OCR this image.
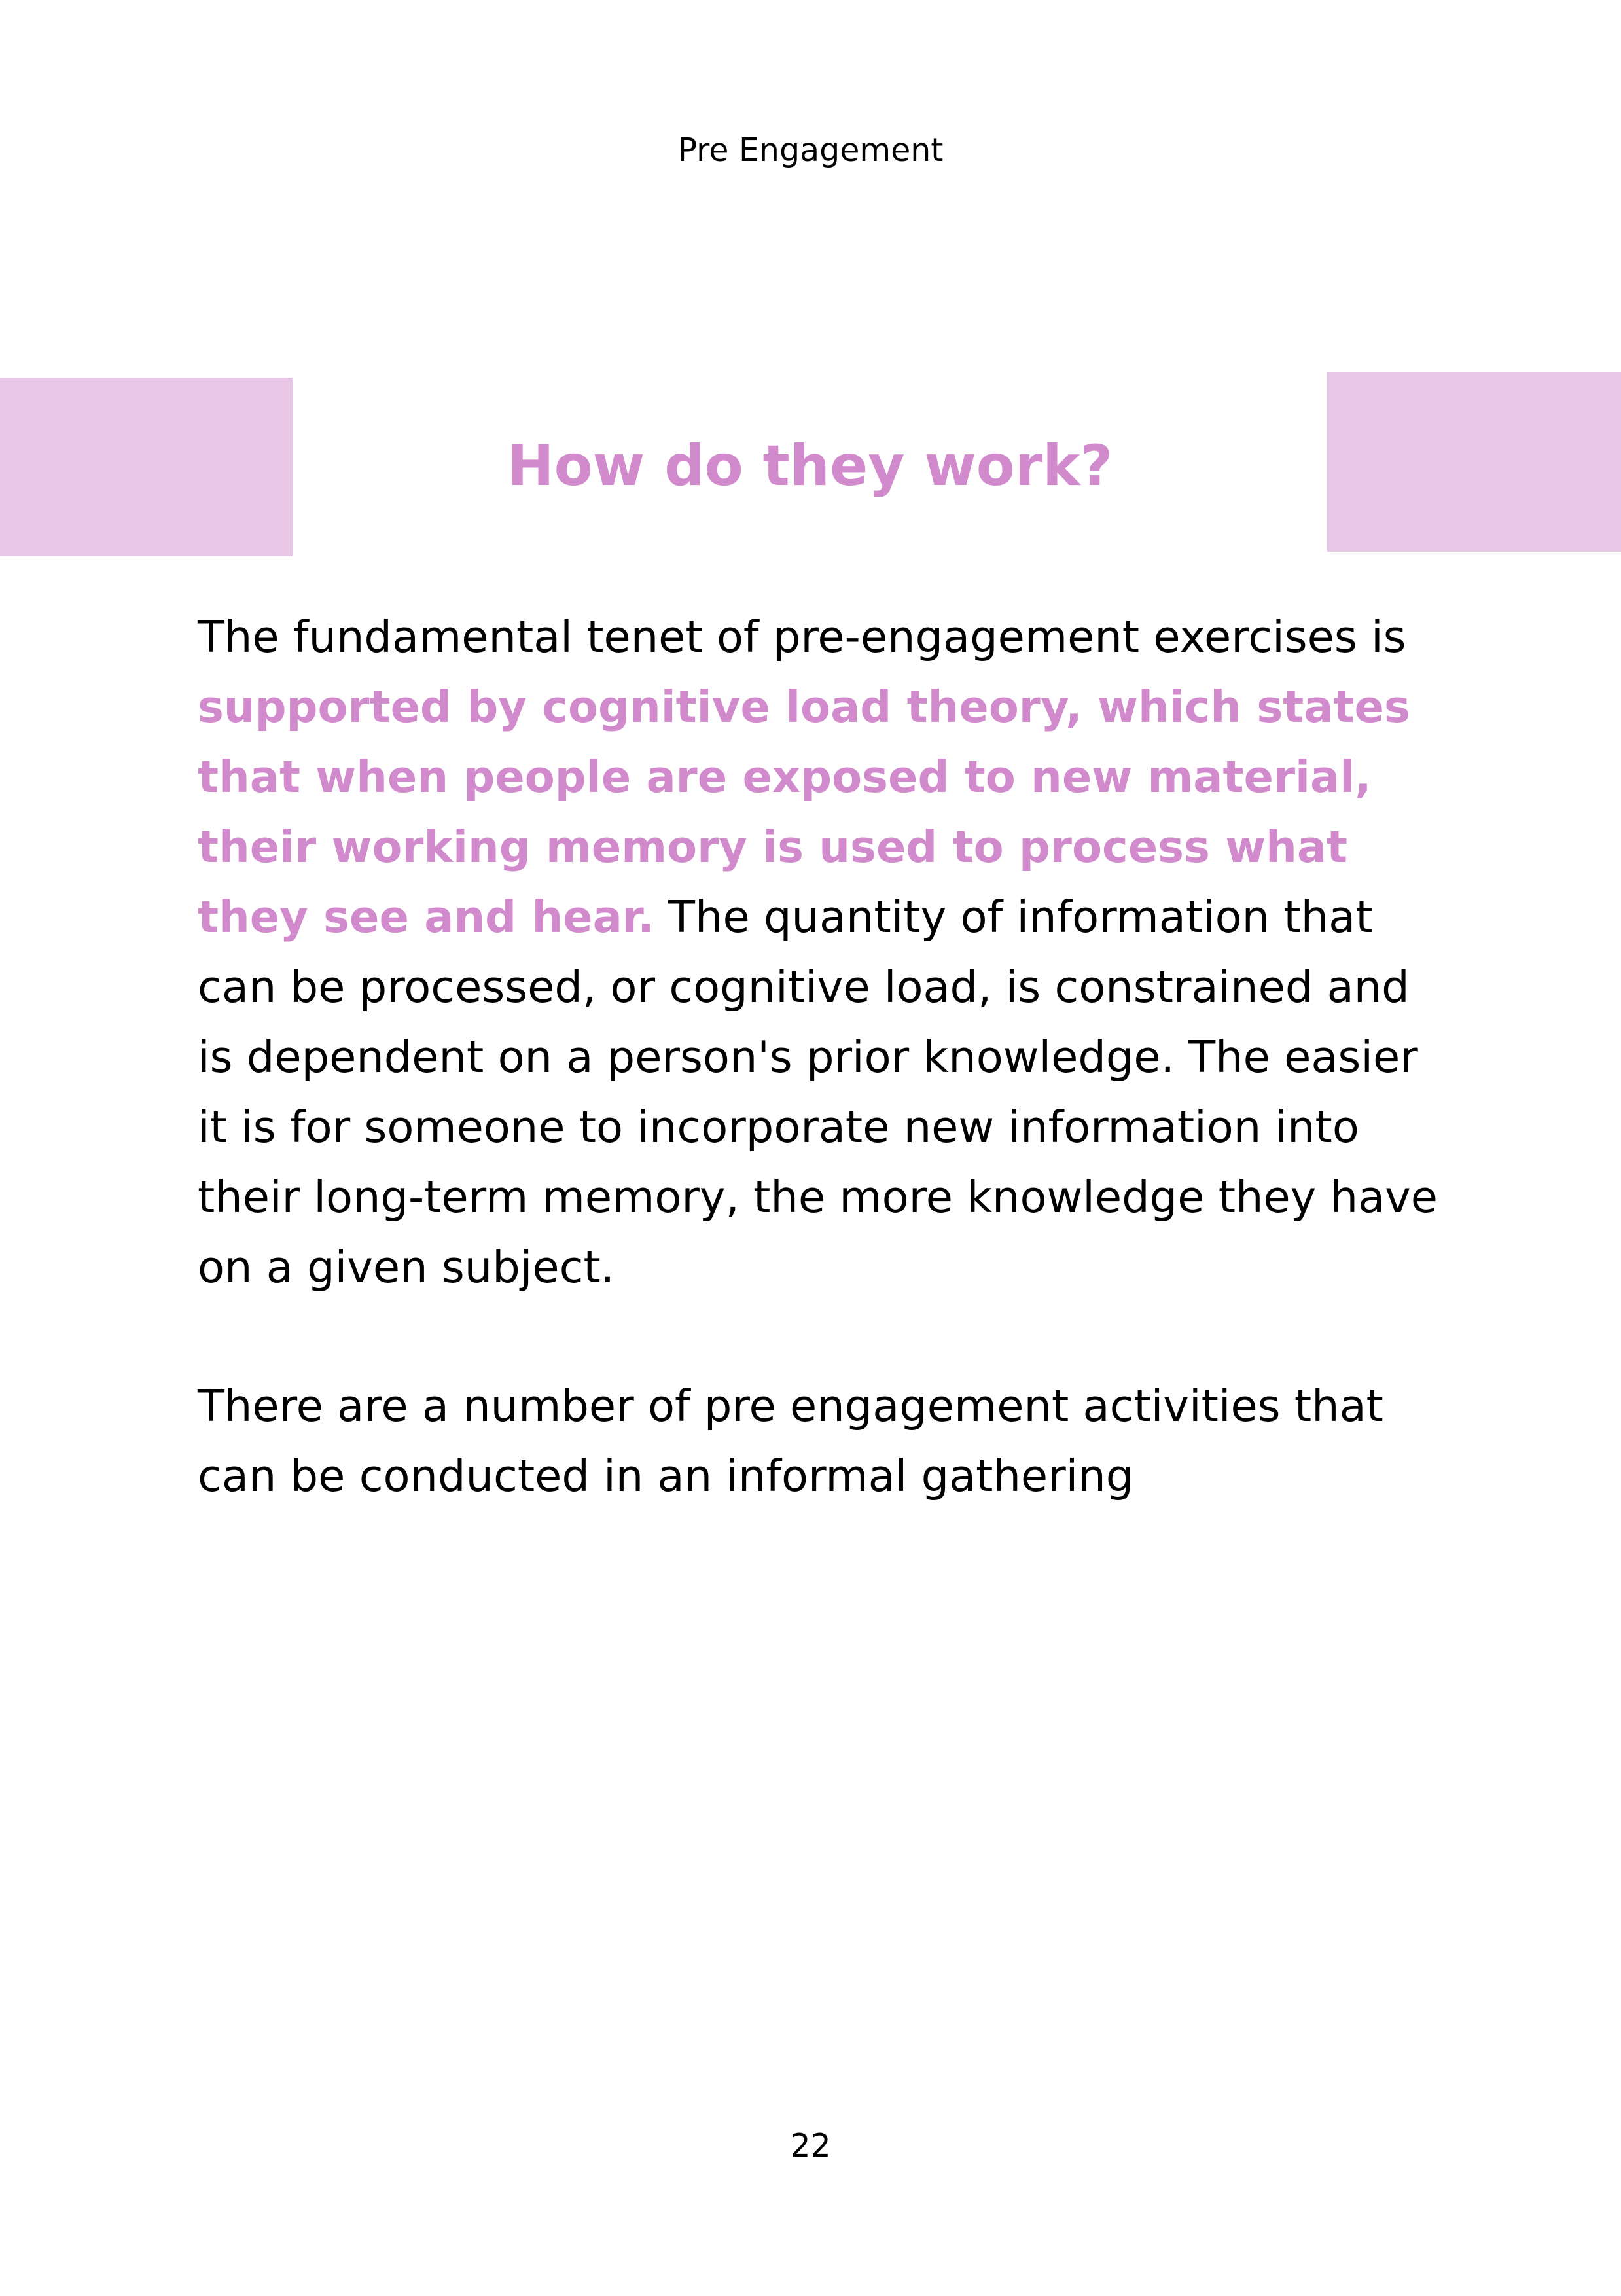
Pre Engagement
How do they work?

The fundamental tenet of pre-engagement exercises is supported by cognitive load theory, which states that when people are exposed to new material, their working memory is used to process what they see and hear. The quantity of information that can be processed, or cognitive load, is constrained and is dependent on a person's prior knowledge. The easier it is for someone to incorporate new information into their long-term memory, the more knowledge they have on a given subject.

There are a number of pre engagement activities that can be conducted in an informal gathering

22
